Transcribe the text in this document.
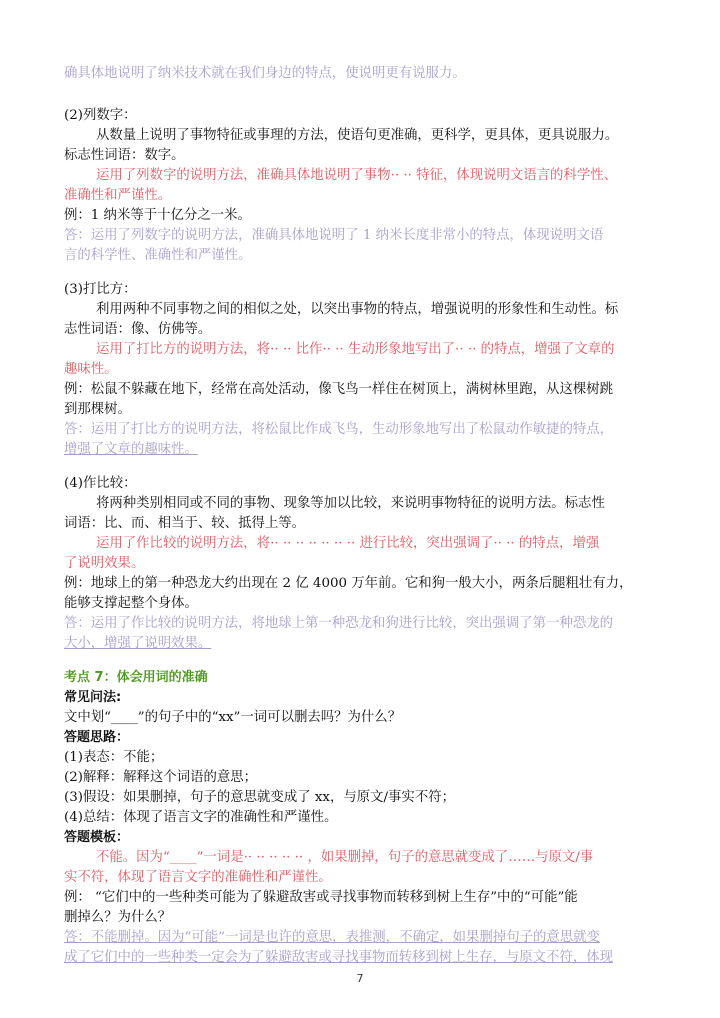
确具体地说明了纳米技术就在我们身边的特点，使说明更有说服力。
(2)列数字：
从数量上说明了事物特征或事理的方法，使语句更准确，更科学，更具体，更具说服力。
标志性词语：数字。
运用了列数字的说明方法，准确具体地说明了事物·· ·· 特征，体现说明文语言的科学性、
准确性和严谨性。
例：1 纳米等于十亿分之一米。
答：运用了列数字的说明方法，准确具体地说明了 1 纳米长度非常小的特点，体现说明文语
言的科学性、准确性和严谨性。
(3)打比方：
利用两种不同事物之间的相似之处，以突出事物的特点，增强说明的形象性和生动性。标
志性词语：像、仿佛等。
运用了打比方的说明方法，将·· ·· 比作·· ·· 生动形象地写出了·· ·· 的特点，增强了文章的
趣味性。
例：松鼠不躲藏在地下，经常在高处活动，像飞鸟一样住在树顶上，满树林里跑，从这棵树跳
到那棵树。
答：运用了打比方的说明方法，将松鼠比作成飞鸟，生动形象地写出了松鼠动作敏捷的特点，
增强了文章的趣味性。
(4)作比较：
将两种类别相同或不同的事物、现象等加以比较，来说明事物特征的说明方法。标志性
词语：比、而、相当于、较、抵得上等。
运用了作比较的说明方法，将·· ·· ·· ·· ·· ·· ·· 进行比较，突出强调了·· ·· 的特点，增强
了说明效果。
例：地球上的第一种恐龙大约出现在 2 亿 4000 万年前。它和狗一般大小，两条后腿粗壮有力，
能够支撑起整个身体。
答：运用了作比较的说明方法，将地球上第一种恐龙和狗进行比较，突出强调了第一种恐龙的
大小，增强了说明效果。
考点 7：体会用词的准确
常见问法:
文中划“____”的句子中的“xx”一词可以删去吗？为什么？
答题思路：
(1)表态：不能；
(2)解释：解释这个词语的意思；
(3)假设：如果删掉，句子的意思就变成了 xx，与原文/事实不符；
(4)总结：体现了语言文字的准确性和严谨性。
答题模板：
不能。因为“____”一词是·· ·· ·· ·· ·· ，如果删掉，句子的意思就变成了……与原文/事
实不符，体现了语言文字的准确性和严谨性。
例： “它们中的一些种类可能为了躲避敌害或寻找事物而转移到树上生存”中的“可能”能
删掉么？为什么？
答：不能删掉。因为“可能”一词是也许的意思，表推测，不确定，如果删掉句子的意思就变
成了它们中的一些种类一定会为了躲避敌害或寻找事物而转移到树上生存，与原文不符，体现
7
